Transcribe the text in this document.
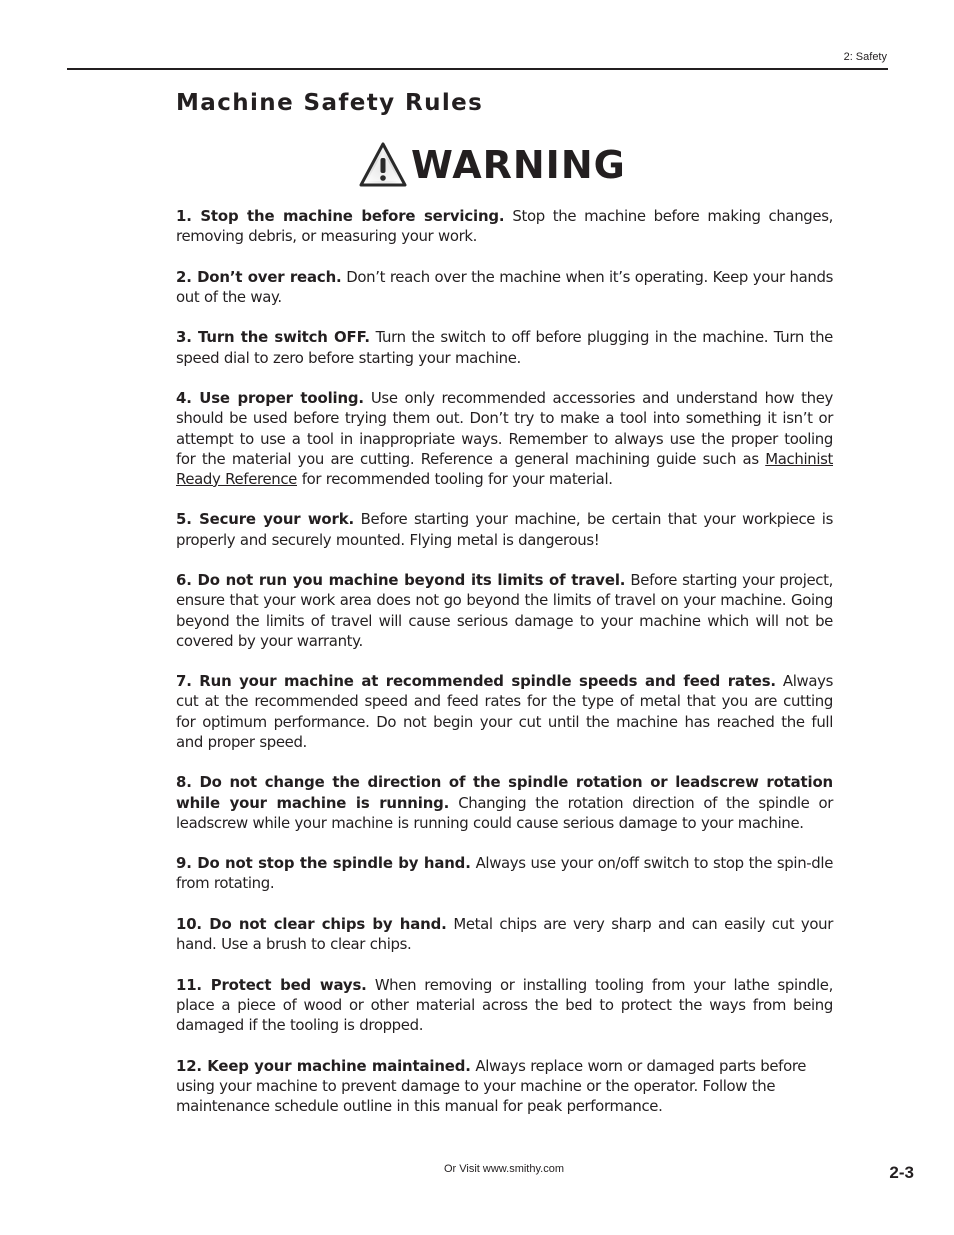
2: Safety
Machine Safety Rules
WARNING

1. Stop the machine before servicing. Stop the machine before making changes, removing debris, or measuring your work.

2. Don’t over reach. Don’t reach over the machine when it’s operating. Keep your hands out of the way.

3. Turn the switch OFF. Turn the switch to off before plugging in the machine. Turn the speed dial to zero before starting your machine.

4. Use proper tooling. Use only recommended accessories and understand how they should be used before trying them out. Don’t try to make a tool into something it isn’t or attempt to use a tool in inappropriate ways. Remember to always use the proper tooling for the material you are cutting. Reference a general machining guide such as Machinist Ready Reference for recommended tooling for your material.

5. Secure your work. Before starting your machine, be certain that your workpiece is properly and securely mounted. Flying metal is dangerous!

6. Do not run you machine beyond its limits of travel. Before starting your project, ensure that your work area does not go beyond the limits of travel on your machine. Going beyond the limits of travel will cause serious damage to your machine which will not be covered by your warranty.

7. Run your machine at recommended spindle speeds and feed rates. Always cut at the recommended speed and feed rates for the type of metal that you are cutting for optimum performance. Do not begin your cut until the machine has reached the full and proper speed.

8. Do not change the direction of the spindle rotation or leadscrew rotation while your machine is running. Changing the rotation direction of the spindle or leadscrew while your machine is running could cause serious damage to your machine.

9. Do not stop the spindle by hand. Always use your on/off switch to stop the spin-dle from rotating.

10. Do not clear chips by hand. Metal chips are very sharp and can easily cut your hand. Use a brush to clear chips.

11. Protect bed ways. When removing or installing tooling from your lathe spindle, place a piece of wood or other material across the bed to protect the ways from being damaged if the tooling is dropped.

12. Keep your machine maintained. Always replace worn or damaged parts before using your machine to prevent damage to your machine or the operator. Follow the maintenance schedule outline in this manual for peak performance.

Or Visit www.smithy.com	2-3
